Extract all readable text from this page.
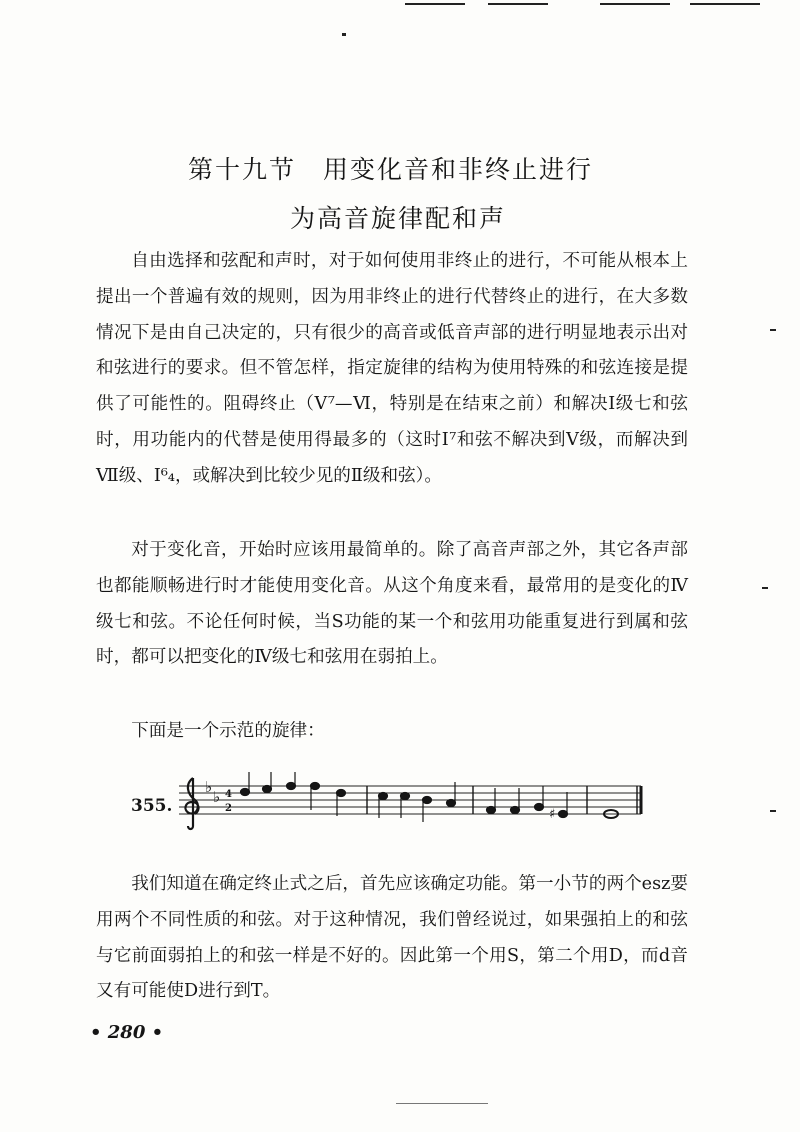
第十九节　用变化音和非终止进行
为高音旋律配和声

自由选择和弦配和声时，对于如何使用非终止的进行，不可能从根本上提出一个普遍有效的规则，因为用非终止的进行代替终止的进行，在大多数情况下是由自己决定的，只有很少的高音或低音声部的进行明显地表示出对和弦进行的要求。但不管怎样，指定旋律的结构为使用特殊的和弦连接是提供了可能性的。阻碍终止（Ⅴ⁷—Ⅵ，特别是在结束之前）和解决Ⅰ级七和弦时，用功能内的代替是使用得最多的（这时Ⅰ⁷和弦不解决到Ⅴ级，而解决到Ⅶ级、Ⅰ⁶₄，或解决到比较少见的Ⅱ级和弦）。

对于变化音，开始时应该用最简单的。除了高音声部之外，其它各声部也都能顺畅进行时才能使用变化音。从这个角度来看，最常用的是变化的Ⅳ级七和弦。不论任何时候，当S功能的某一个和弦用功能重复进行到属和弦时，都可以把变化的Ⅳ级七和弦用在弱拍上。

下面是一个示范的旋律：

355.
♭
♭ 4
2	♯

我们知道在确定终止式之后，首先应该确定功能。第一小节的两个esz要用两个不同性质的和弦。对于这种情况，我们曾经说过，如果强拍上的和弦与它前面弱拍上的和弦一样是不好的。因此第一个用S，第二个用D，而d音又有可能使D进行到T。

• 280 •
